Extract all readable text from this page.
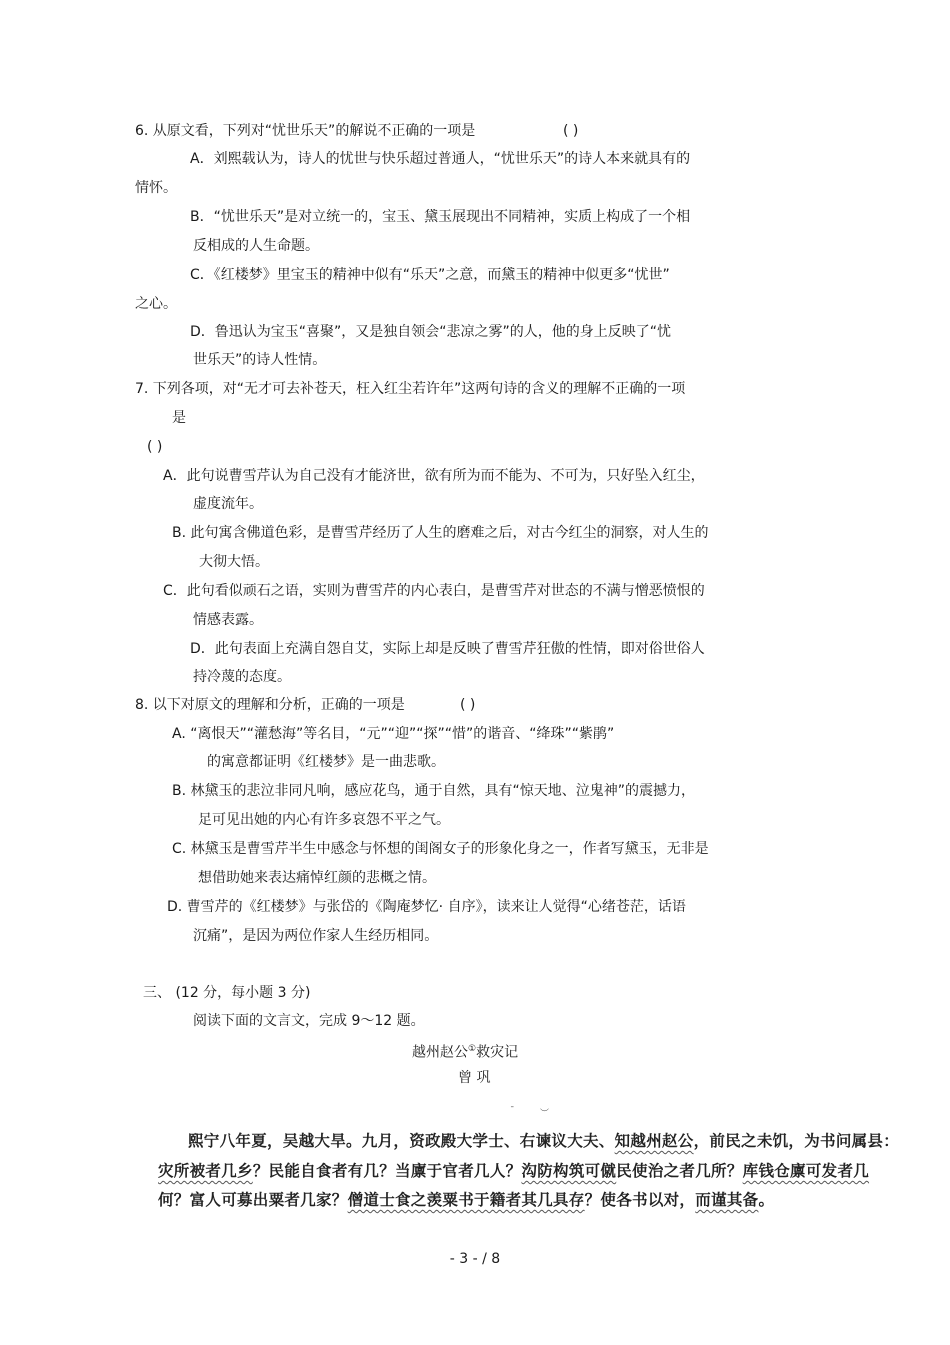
6. 从原文看，下列对“忧世乐天”的解说不正确的一项是	( )
A．刘熙载认为，诗人的忧世与快乐超过普通人，“忧世乐天”的诗人本来就具有的
情怀。
B．“忧世乐天”是对立统一的，宝玉、黛玉展现出不同精神，实质上构成了一个相
反相成的人生命题。
C．《红楼梦》里宝玉的精神中似有“乐天”之意，而黛玉的精神中似更多“忧世”
之心。
D．鲁迅认为宝玉“喜聚”，又是独自领会“悲凉之雾”的人，他的身上反映了“忧
世乐天”的诗人性情。
7. 下列各项，对“无才可去补苍天，枉入红尘若许年”这两句诗的含义的理解不正确的一项
是
( )
A．此句说曹雪芹认为自己没有才能济世，欲有所为而不能为、不可为，只好坠入红尘，
虚度流年。
B. 此句寓含佛道色彩，是曹雪芹经历了人生的磨难之后，对古今红尘的洞察，对人生的
大彻大悟。
C．此句看似顽石之语，实则为曹雪芹的内心表白，是曹雪芹对世态的不满与憎恶愤恨的
情感表露。
D．此句表面上充满自怨自艾，实际上却是反映了曹雪芹狂傲的性情，即对俗世俗人
持冷蔑的态度。
8. 以下对原文的理解和分析，正确的一项是	( )
A. “离恨天”“灌愁海”等名目，“元”“迎”“探”“惜”的谐音、“绛珠”“紫鹃”
的寓意都证明《红楼梦》是一曲悲歌。
B. 林黛玉的悲泣非同凡响，感应花鸟，通于自然，具有“惊天地、泣鬼神”的震撼力，
足可见出她的内心有许多哀怨不平之气。
C. 林黛玉是曹雪芹半生中感念与怀想的闺阁女子的形象化身之一，作者写黛玉，无非是
想借助她来表达痛悼红颜的悲概之情。
D. 曹雪芹的《红楼梦》与张岱的《陶庵梦忆· 自序》，读来让人觉得“心绪苍茫，话语
沉痛”，是因为两位作家人生经历相同。
三、 (12 分，每小题 3 分)
阅读下面的文言文，完成 9～12 题。
越州赵公①救灾记
曾 巩
ˉ	︶
熙宁八年夏，吴越大旱。九月，资政殿大学士、右谏议大夫、知越州赵公，前民之未饥，为书问属县：
灾所被者几乡？民能自食者有几？当廪于官者几人？沟防构筑可僦民使治之者几所？库钱仓廪可发者几
何？富人可募出粟者几家？僧道士食之羡粟书于籍者其几具存？使各书以对，而谨其备。
- 3 - / 8
